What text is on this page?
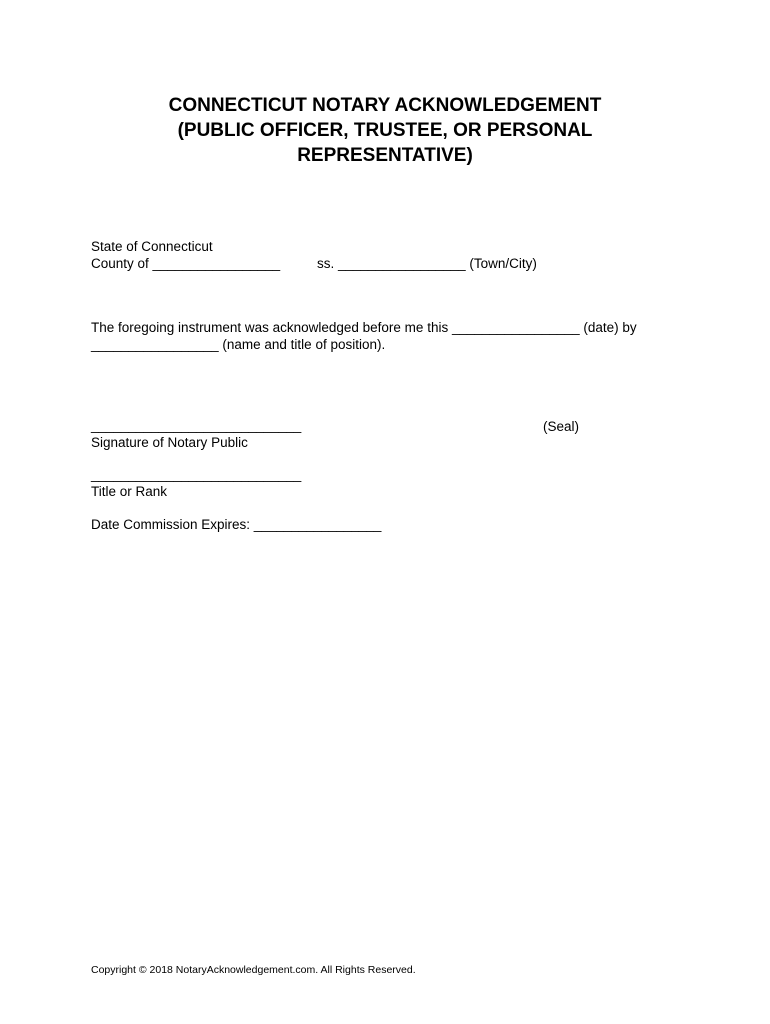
CONNECTICUT NOTARY ACKNOWLEDGEMENT
(PUBLIC OFFICER, TRUSTEE, OR PERSONAL
REPRESENTATIVE)
State of Connecticut
County of _________________	ss. _________________ (Town/City)
The foregoing instrument was acknowledged before me this _________________ (date) by
_________________ (name and title of position).
____________________________	(Seal)
Signature of Notary Public
____________________________
Title or Rank
Date Commission Expires: _________________
Copyright © 2018 NotaryAcknowledgement.com. All Rights Reserved.
